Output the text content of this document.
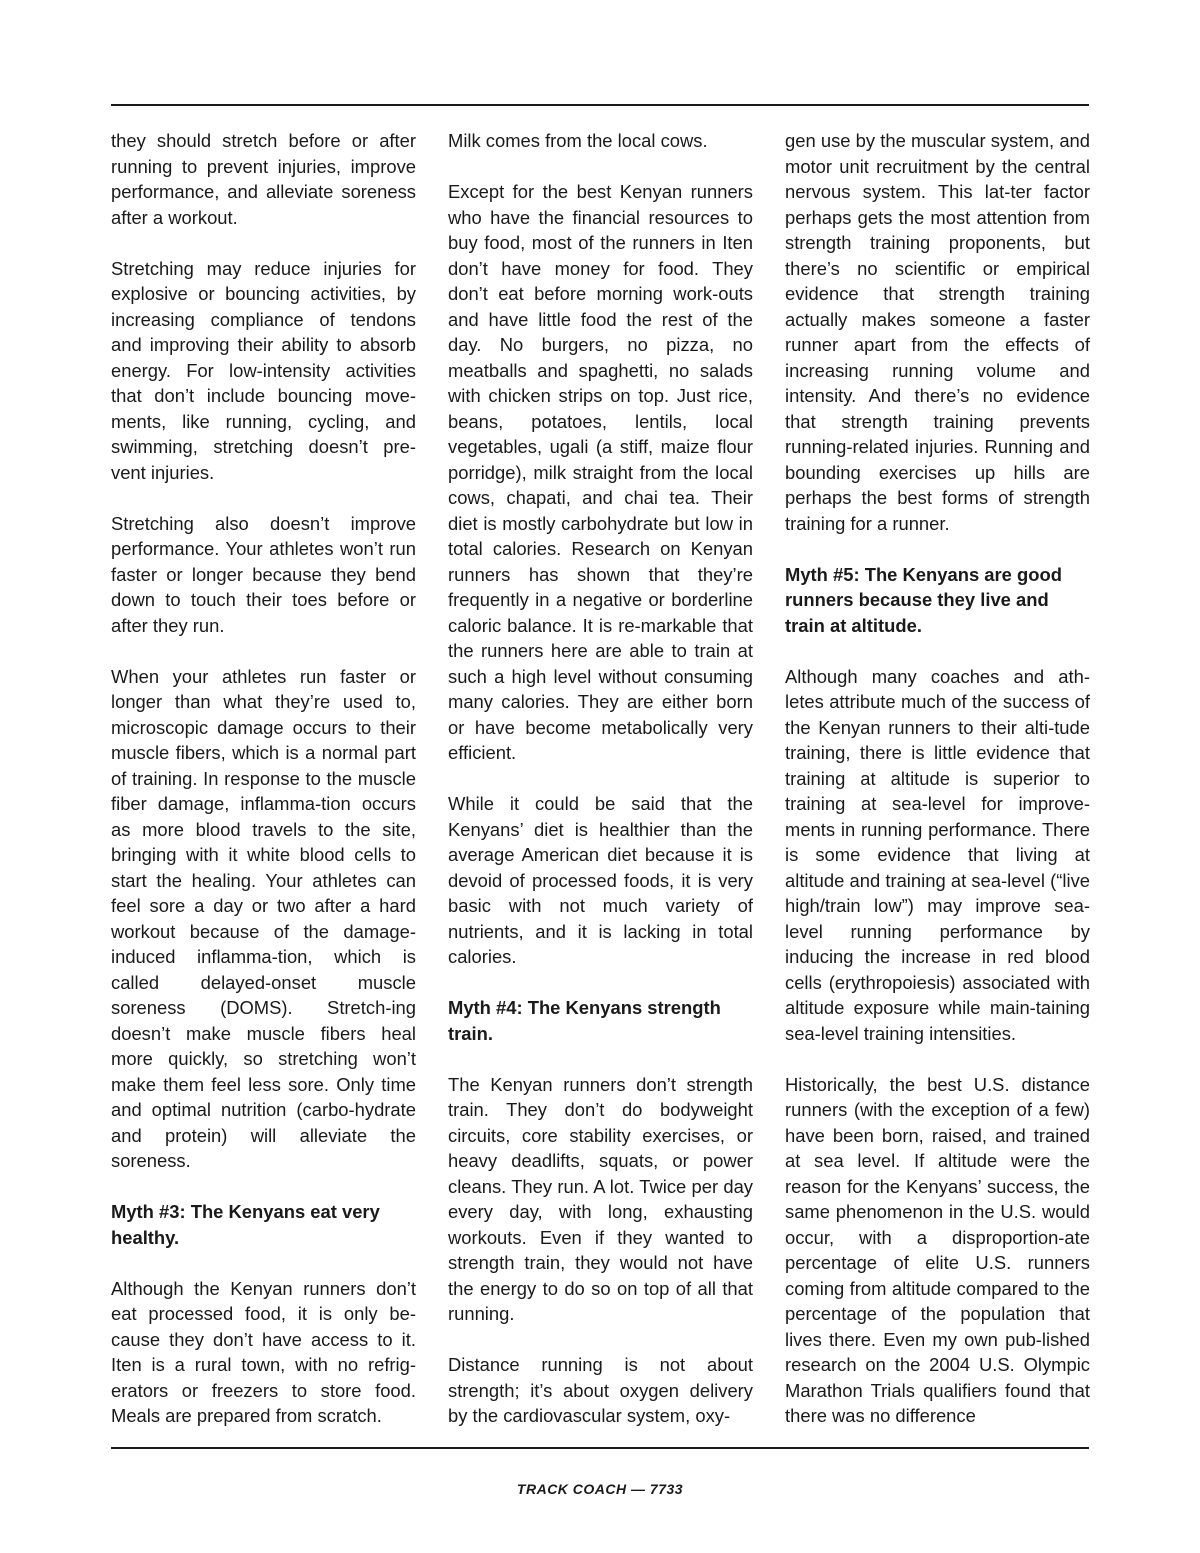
they should stretch before or after running to prevent injuries, improve performance, and alleviate soreness after a workout.

Stretching may reduce injuries for explosive or bouncing activities, by increasing compliance of tendons and improving their ability to absorb energy. For low-intensity activities that don’t include bouncing move-ments, like running, cycling, and swimming, stretching doesn’t pre-vent injuries.

Stretching also doesn’t improve performance. Your athletes won’t run faster or longer because they bend down to touch their toes before or after they run.

When your athletes run faster or longer than what they’re used to, microscopic damage occurs to their muscle fibers, which is a normal part of training. In response to the muscle fiber damage, inflamma-tion occurs as more blood travels to the site, bringing with it white blood cells to start the healing. Your athletes can feel sore a day or two after a hard workout because of the damage-induced inflamma-tion, which is called delayed-onset muscle soreness (DOMS). Stretch-ing doesn’t make muscle fibers heal more quickly, so stretching won’t make them feel less sore. Only time and optimal nutrition (carbo-hydrate and protein) will alleviate the soreness.

Myth #3: The Kenyans eat very healthy.

Although the Kenyan runners don’t eat processed food, it is only be-cause they don’t have access to it. Iten is a rural town, with no refrig-erators or freezers to store food. Meals are prepared from scratch.

Milk comes from the local cows.

Except for the best Kenyan runners who have the financial resources to buy food, most of the runners in Iten don’t have money for food. They don’t eat before morning work-outs and have little food the rest of the day. No burgers, no pizza, no meatballs and spaghetti, no salads with chicken strips on top. Just rice, beans, potatoes, lentils, local vegetables, ugali (a stiff, maize flour porridge), milk straight from the local cows, chapati, and chai tea. Their diet is mostly carbohydrate but low in total calories. Research on Kenyan runners has shown that they’re frequently in a negative or borderline caloric balance. It is re-markable that the runners here are able to train at such a high level without consuming many calories. They are either born or have become metabolically very efficient.

While it could be said that the Kenyans’ diet is healthier than the average American diet because it is devoid of processed foods, it is very basic with not much variety of nutrients, and it is lacking in total calories.

Myth #4: The Kenyans strength train.

The Kenyan runners don’t strength train. They don’t do bodyweight circuits, core stability exercises, or heavy deadlifts, squats, or power cleans. They run. A lot. Twice per day every day, with long, exhausting workouts. Even if they wanted to strength train, they would not have the energy to do so on top of all that running.

Distance running is not about strength; it’s about oxygen delivery by the cardiovascular system, oxy-

gen use by the muscular system, and motor unit recruitment by the central nervous system. This lat-ter factor perhaps gets the most attention from strength training proponents, but there’s no scientific or empirical evidence that strength training actually makes someone a faster runner apart from the effects of increasing running volume and intensity. And there’s no evidence that strength training prevents running-related injuries. Running and bounding exercises up hills are perhaps the best forms of strength training for a runner.

Myth #5: The Kenyans are good runners because they live and train at altitude.

Although many coaches and ath-letes attribute much of the success of the Kenyan runners to their alti-tude training, there is little evidence that training at altitude is superior to training at sea-level for improve-ments in running performance. There is some evidence that living at altitude and training at sea-level (“live high/train low”) may improve sea-level running performance by inducing the increase in red blood cells (erythropoiesis) associated with altitude exposure while main-taining sea-level training intensities.

Historically, the best U.S. distance runners (with the exception of a few) have been born, raised, and trained at sea level. If altitude were the reason for the Kenyans’ success, the same phenomenon in the U.S. would occur, with a disproportion-ate percentage of elite U.S. runners coming from altitude compared to the percentage of the population that lives there. Even my own pub-lished research on the 2004 U.S. Olympic Marathon Trials qualifiers found that there was no difference

TRACK COACH — 7733
